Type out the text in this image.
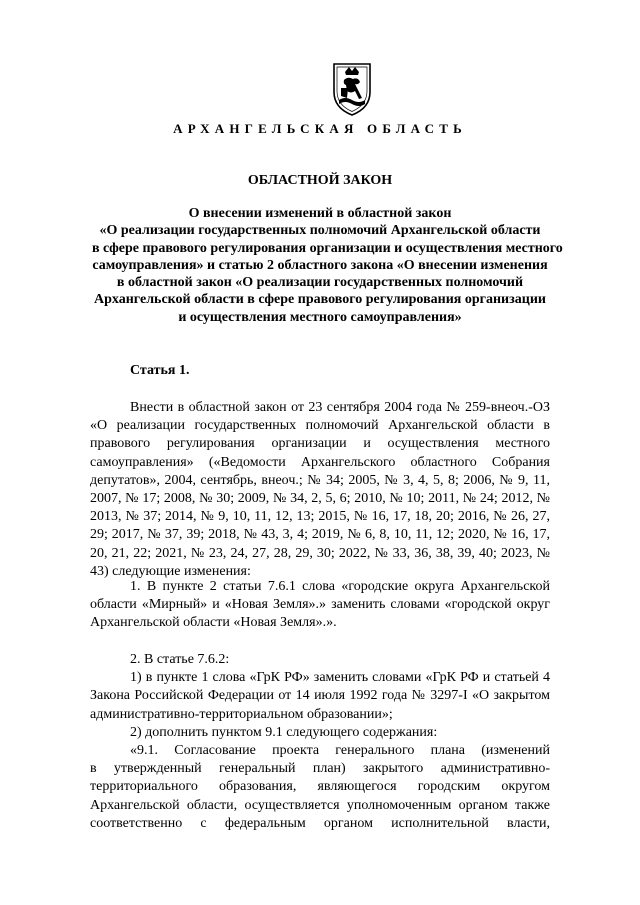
АРХАНГЕЛЬСКАЯ ОБЛАСТЬ
ОБЛАСТНОЙ ЗАКОН
О внесении изменений в областной закон
«О реализации государственных полномочий Архангельской области
в сфере правового регулирования организации и осуществления местного
самоуправления» и статью 2 областного закона «О внесении изменения
в областной закон «О реализации государственных полномочий
Архангельской области в сфере правового регулирования организации
и осуществления местного самоуправления»
Статья 1.
Внести в областной закон от 23 сентября 2004 года № 259-внеоч.-ОЗ
«О реализации государственных полномочий Архангельской области в
правового регулирования организации и осуществления местного
самоуправления» («Ведомости Архангельского областного Собрания
депутатов», 2004, сентябрь, внеоч.; № 34; 2005, № 3, 4, 5, 8; 2006, № 9, 11,
2007, № 17; 2008, № 30; 2009, № 34, 2, 5, 6; 2010, № 10; 2011, № 24; 2012, №
2013, № 37; 2014, № 9, 10, 11, 12, 13; 2015, № 16, 17, 18, 20; 2016, № 26, 27,
29; 2017, № 37, 39; 2018, № 43, 3, 4; 2019, № 6, 8, 10, 11, 12; 2020, № 16, 17,
20, 21, 22; 2021, № 23, 24, 27, 28, 29, 30; 2022, № 33, 36, 38, 39, 40; 2023, №
43) следующие изменения:
1. В пункте 2 статьи 7.6.1 слова «городские округа Архангельской
области «Мирный» и «Новая Земля».» заменить словами «городской округ
Архангельской области «Новая Земля».».
2. В статье 7.6.2:
1) в пункте 1 слова «ГрК РФ» заменить словами «ГрК РФ и статьей 4
Закона Российской Федерации от 14 июля 1992 года № 3297-I «О закрытом
административно-территориальном образовании»;
2) дополнить пунктом 9.1 следующего содержания:
«9.1. Согласование проекта генерального плана (изменений
в утвержденный генеральный план) закрытого административно-
территориального образования, являющегося городским округом
Архангельской области, осуществляется уполномоченным органом также
соответственно с федеральным органом исполнительной власти,
